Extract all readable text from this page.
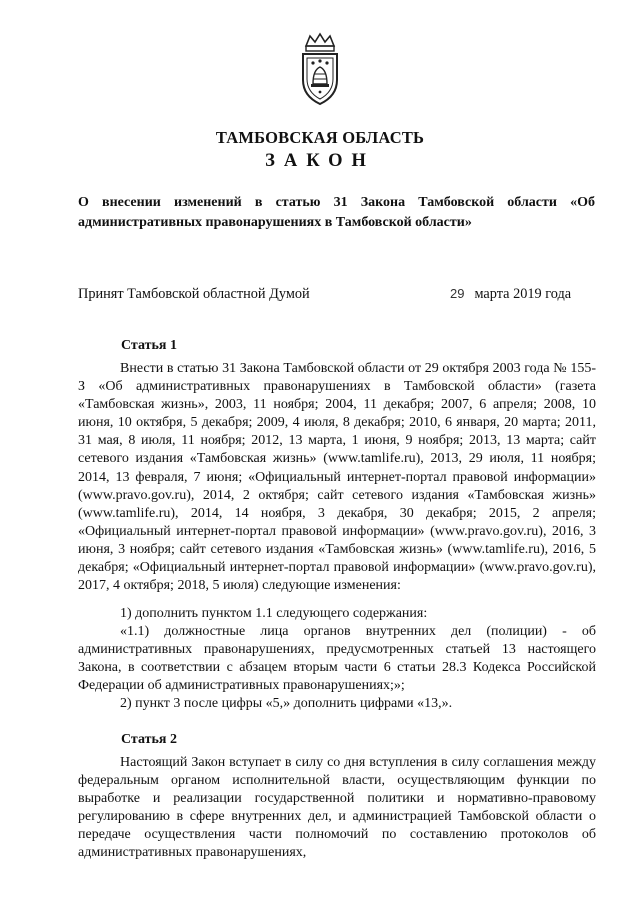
ТАМБОВСКАЯ ОБЛАСТЬ
ЗАКОН
О внесении изменений в статью 31 Закона Тамбовской области «Об административных правонарушениях в Тамбовской области»
Принят Тамбовской областной Думой	29 марта 2019 года
Статья 1
Внести в статью 31 Закона Тамбовской области от 29 октября 2003 года № 155-З «Об административных правонарушениях в Тамбовской области» (газета «Тамбовская жизнь», 2003, 11 ноября; 2004, 11 декабря; 2007, 6 апреля; 2008, 10 июня, 10 октября, 5 декабря; 2009, 4 июля, 8 декабря; 2010, 6 января, 20 марта; 2011, 31 мая, 8 июля, 11 ноября; 2012, 13 марта, 1 июня, 9 ноября; 2013, 13 марта; сайт сетевого издания «Тамбовская жизнь» (www.tamlife.ru), 2013, 29 июля, 11 ноября; 2014, 13 февраля, 7 июня; «Официальный интернет-портал правовой информации» (www.pravo.gov.ru), 2014, 2 октября; сайт сетевого издания «Тамбовская жизнь» (www.tamlife.ru), 2014, 14 ноября, 3 декабря, 30 декабря; 2015, 2 апреля; «Официальный интернет-портал правовой информации» (www.pravo.gov.ru), 2016, 3 июня, 3 ноября; сайт сетевого издания «Тамбовская жизнь» (www.tamlife.ru), 2016, 5 декабря; «Официальный интернет-портал правовой информации» (www.pravo.gov.ru), 2017, 4 октября; 2018, 5 июля) следующие изменения:
1) дополнить пунктом 1.1 следующего содержания:
«1.1) должностные лица органов внутренних дел (полиции) - об административных правонарушениях, предусмотренных статьей 13 настоящего Закона, в соответствии с абзацем вторым части 6 статьи 28.3 Кодекса Российской Федерации об административных правонарушениях;»;
2) пункт 3 после цифры «5,» дополнить цифрами «13,».
Статья 2
Настоящий Закон вступает в силу со дня вступления в силу соглашения между федеральным органом исполнительной власти, осуществляющим функции по выработке и реализации государственной политики и нормативно-правовому регулированию в сфере внутренних дел, и администрацией Тамбовской области о передаче осуществления части полномочий по составлению протоколов об административных правонарушениях,
